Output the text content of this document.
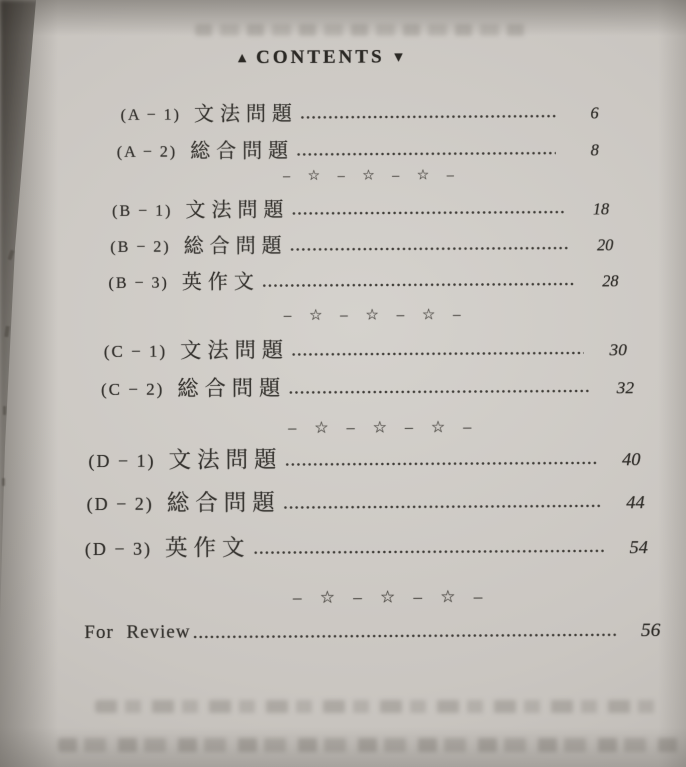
▲ CONTENTS ▼
(A − 1) 文法問題	6
(A − 2) 総合問題	8
– ☆ – ☆ – ☆ –
(B − 1) 文法問題	18
(B − 2) 総合問題	20
(B − 3) 英作文	28
– ☆ – ☆ – ☆ –
(C − 1) 文法問題	30
(C − 2) 総合問題	32
– ☆ – ☆ – ☆ –
(D − 1) 文法問題	40
(D − 2) 総合問題	44
(D − 3) 英作文	54
– ☆ – ☆ – ☆ –
For Review	56
